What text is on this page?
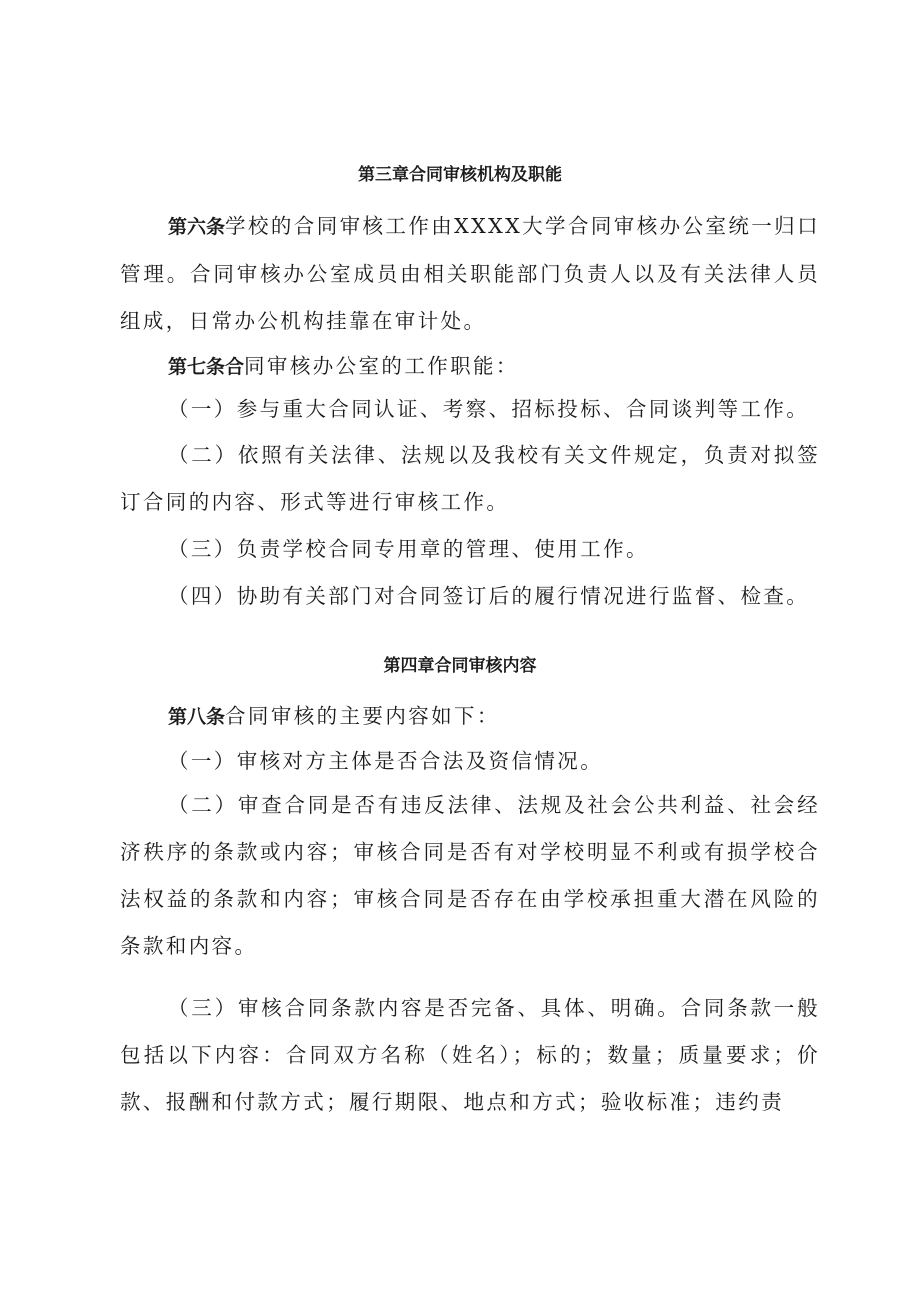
第三章合同审核机构及职能

第六条学校的合同审核工作由XXXX大学合同审核办公室统一归口管理。合同审核办公室成员由相关职能部门负责人以及有关法律人员组成，日常办公机构挂靠在审计处。

第七条合同审核办公室的工作职能：

（一）参与重大合同认证、考察、招标投标、合同谈判等工作。

（二）依照有关法律、法规以及我校有关文件规定，负责对拟签订合同的内容、形式等进行审核工作。

（三）负责学校合同专用章的管理、使用工作。

（四）协助有关部门对合同签订后的履行情况进行监督、检查。

第四章合同审核内容

第八条合同审核的主要内容如下：

（一）审核对方主体是否合法及资信情况。

（二）审查合同是否有违反法律、法规及社会公共利益、社会经济秩序的条款或内容；审核合同是否有对学校明显不利或有损学校合法权益的条款和内容；审核合同是否存在由学校承担重大潜在风险的条款和内容。

（三）审核合同条款内容是否完备、具体、明确。合同条款一般包括以下内容：合同双方名称（姓名）；标的；数量；质量要求；价款、报酬和付款方式；履行期限、地点和方式；验收标准；违约责
